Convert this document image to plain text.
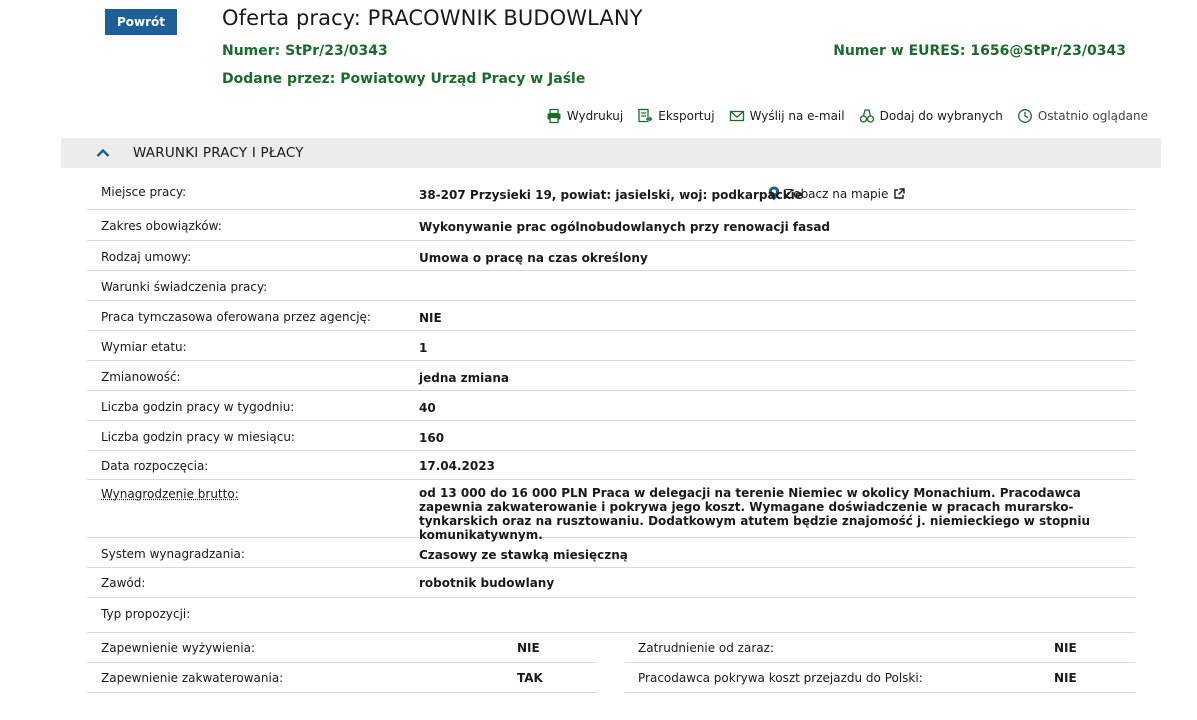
Powrót	Oferta pracy: PRACOWNIK BUDOWLANY
Numer: StPr/23/0343	Numer w EURES: 1656@StPr/23/0343
Dodane przez: Powiatowy Urząd Pracy w Jaśle
Wydrukuj	Eksportuj	Wyślij na e-mail	Dodaj do wybranych	Ostatnio oglądane
WARUNKI PRACY I PŁACY
Zobacz na mapie
Miejsce pracy:	38-207 Przysieki 19, powiat: jasielski, woj: podkarpackie
Zakres obowiązków:	Wykonywanie prac ogólnobudowlanych przy renowacji fasad
Rodzaj umowy:	Umowa o pracę na czas określony
Warunki świadczenia pracy:
Praca tymczasowa oferowana przez agencję:	NIE
Wymiar etatu:	1
Zmianowość:	jedna zmiana
Liczba godzin pracy w tygodniu:	40
Liczba godzin pracy w miesiącu:	160
Data rozpoczęcia:	17.04.2023
Wynagrodzenie brutto:	od 13 000 do 16 000 PLN Praca w delegacji na terenie Niemiec w okolicy Monachium. Pracodawca zapewnia zakwaterowanie i pokrywa jego koszt. Wymagane doświadczenie w pracach murarsko-tynkarskich oraz na rusztowaniu. Dodatkowym atutem będzie znajomość j. niemieckiego w stopniu komunikatywnym.
System wynagradzania:	Czasowy ze stawką miesięczną
Zawód:	robotnik budowlany
Typ propozycji:
Zapewnienie wyżywienia:	NIE	Zatrudnienie od zaraz:	NIE
Zapewnienie zakwaterowania:	TAK	Pracodawca pokrywa koszt przejazdu do Polski:	NIE
